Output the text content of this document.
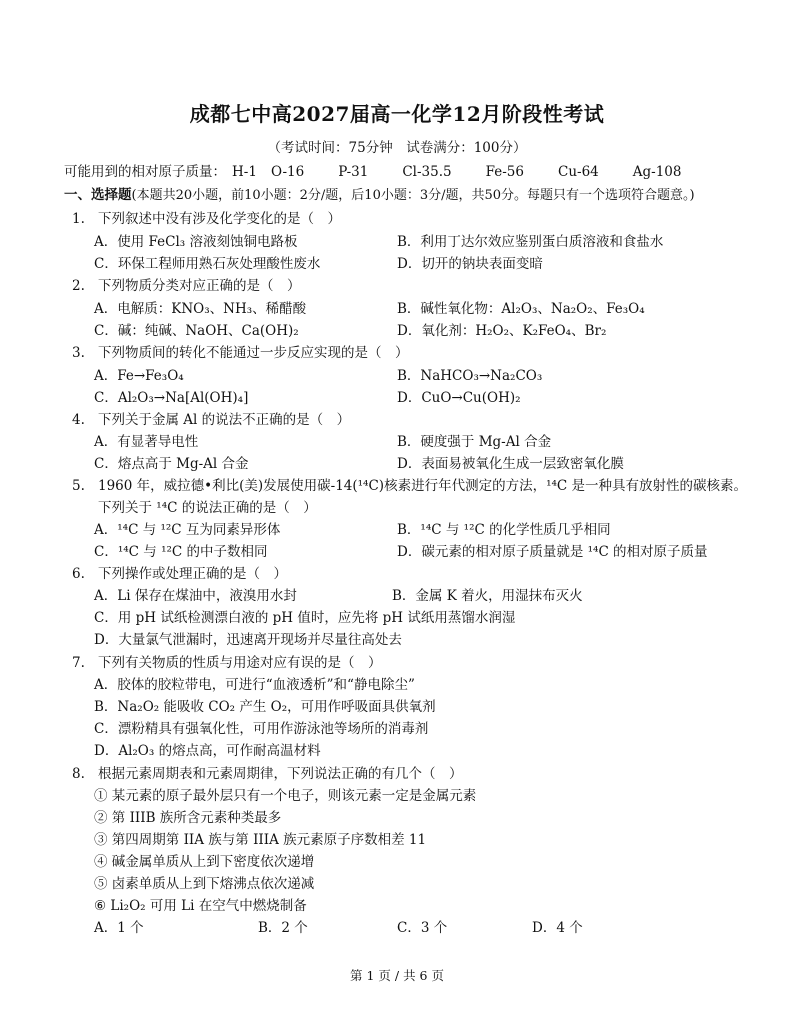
成都七中高2027届高一化学12月阶段性考试
（考试时间：75分钟　试卷满分：100分）
可能用到的相对原子质量： H-1 O-16	P-31	Cl-35.5	Fe-56	Cu-64	Ag-108
一、选择题(本题共20小题，前10小题：2分/题，后10小题：3分/题，共50分。每题只有一个选项符合题意。)
1. 下列叙述中没有涉及化学变化的是（　）
A．使用 FeCl₃ 溶液刻蚀铜电路板	B．利用丁达尔效应鉴别蛋白质溶液和食盐水
C．环保工程师用熟石灰处理酸性废水	D．切开的钠块表面变暗
2. 下列物质分类对应正确的是（　）
A．电解质：KNO₃、NH₃、稀醋酸	B．碱性氧化物：Al₂O₃、Na₂O₂、Fe₃O₄
C．碱：纯碱、NaOH、Ca(OH)₂	D．氧化剂：H₂O₂、K₂FeO₄、Br₂
3. 下列物质间的转化不能通过一步反应实现的是（　）
A．Fe→Fe₃O₄	B．NaHCO₃→Na₂CO₃
C．Al₂O₃→Na[Al(OH)₄]	D．CuO→Cu(OH)₂
4. 下列关于金属 Al 的说法不正确的是（　）
A．有显著导电性	B．硬度强于 Mg-Al 合金
C．熔点高于 Mg-Al 合金	D．表面易被氧化生成一层致密氧化膜
5. 1960 年，威拉德•利比(美)发展使用碳-14(¹⁴C)核素进行年代测定的方法，¹⁴C 是一种具有放射性的碳核素。
下列关于 ¹⁴C 的说法正确的是（　）
A．¹⁴C 与 ¹²C 互为同素异形体	B．¹⁴C 与 ¹²C 的化学性质几乎相同
C．¹⁴C 与 ¹²C 的中子数相同	D．碳元素的相对原子质量就是 ¹⁴C 的相对原子质量
6. 下列操作或处理正确的是（　）
A．Li 保存在煤油中，液溴用水封	B．金属 K 着火，用湿抹布灭火
C．用 pH 试纸检测漂白液的 pH 值时，应先将 pH 试纸用蒸馏水润湿
D．大量氯气泄漏时，迅速离开现场并尽量往高处去
7. 下列有关物质的性质与用途对应有误的是（　）
A．胶体的胶粒带电，可进行“血液透析”和“静电除尘”
B．Na₂O₂ 能吸收 CO₂ 产生 O₂，可用作呼吸面具供氧剂
C．漂粉精具有强氧化性，可用作游泳池等场所的消毒剂
D．Al₂O₃ 的熔点高，可作耐高温材料
8. 根据元素周期表和元素周期律，下列说法正确的有几个（　）
① 某元素的原子最外层只有一个电子，则该元素一定是金属元素
② 第 IIIB 族所含元素种类最多
③ 第四周期第 IIA 族与第 IIIA 族元素原子序数相差 11
④ 碱金属单质从上到下密度依次递增
⑤ 卤素单质从上到下熔沸点依次递减
⑥ Li₂O₂ 可用 Li 在空气中燃烧制备
A．1 个	B．2 个	C．3 个	D．4 个
第 1 页 / 共 6 页
